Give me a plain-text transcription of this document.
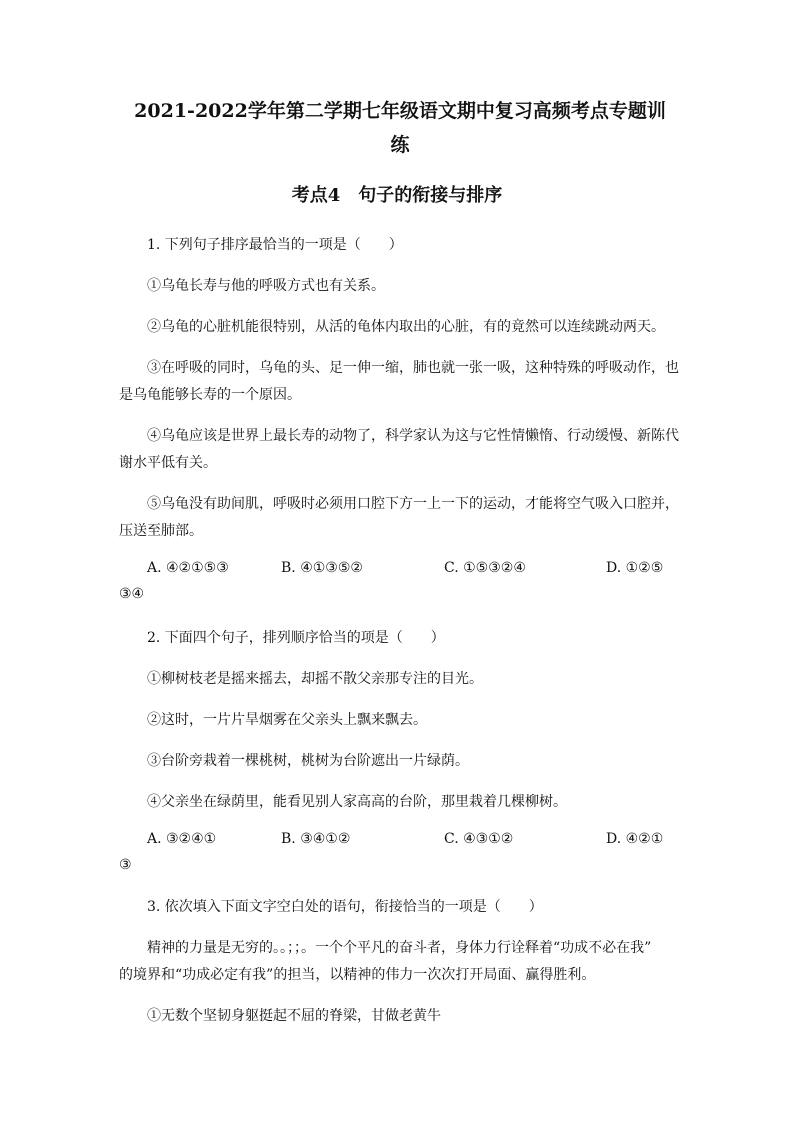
2021-2022学年第二学期七年级语文期中复习高频考点专题训
练
考点4　句子的衔接与排序
1. 下列句子排序最恰当的一项是（　　）
①乌龟长寿与他的呼吸方式也有关系。
②乌龟的心脏机能很特别，从活的龟体内取出的心脏，有的竟然可以连续跳动两天。
③在呼吸的同时，乌龟的头、足一伸一缩，肺也就一张一吸，这种特殊的呼吸动作，也
是乌龟能够长寿的一个原因。
④乌龟应该是世界上最长寿的动物了，科学家认为这与它性情懒惰、行动缓慢、新陈代
谢水平低有关。
⑤乌龟没有助间肌，呼吸时必须用口腔下方一上一下的运动，才能将空气吸入口腔并，
压送至肺部。
A. ④②①⑤③	B. ④①③⑤②	C. ①⑤③②④	D. ①②⑤
③④
2. 下面四个句子，排列顺序恰当的项是（　　）
①柳树枝老是摇来摇去，却摇不散父亲那专注的目光。
②这时，一片片旱烟雾在父亲头上飘来飘去。
③台阶旁栽着一棵桃树，桃树为台阶遮出一片绿荫。
④父亲坐在绿荫里，能看见别人家高高的台阶，那里栽着几棵柳树。
A. ③②④①	B. ③④①②	C. ④③①②	D. ④②①
③
3. 依次填入下面文字空白处的语句，衔接恰当的一项是（　　）
精神的力量是无穷的。。；；。一个个平凡的奋斗者，身体力行诠释着“功成不必在我”
的境界和“功成必定有我”的担当，以精神的伟力一次次打开局面、赢得胜利。
①无数个坚韧身躯挺起不屈的脊梁，甘做老黄牛
